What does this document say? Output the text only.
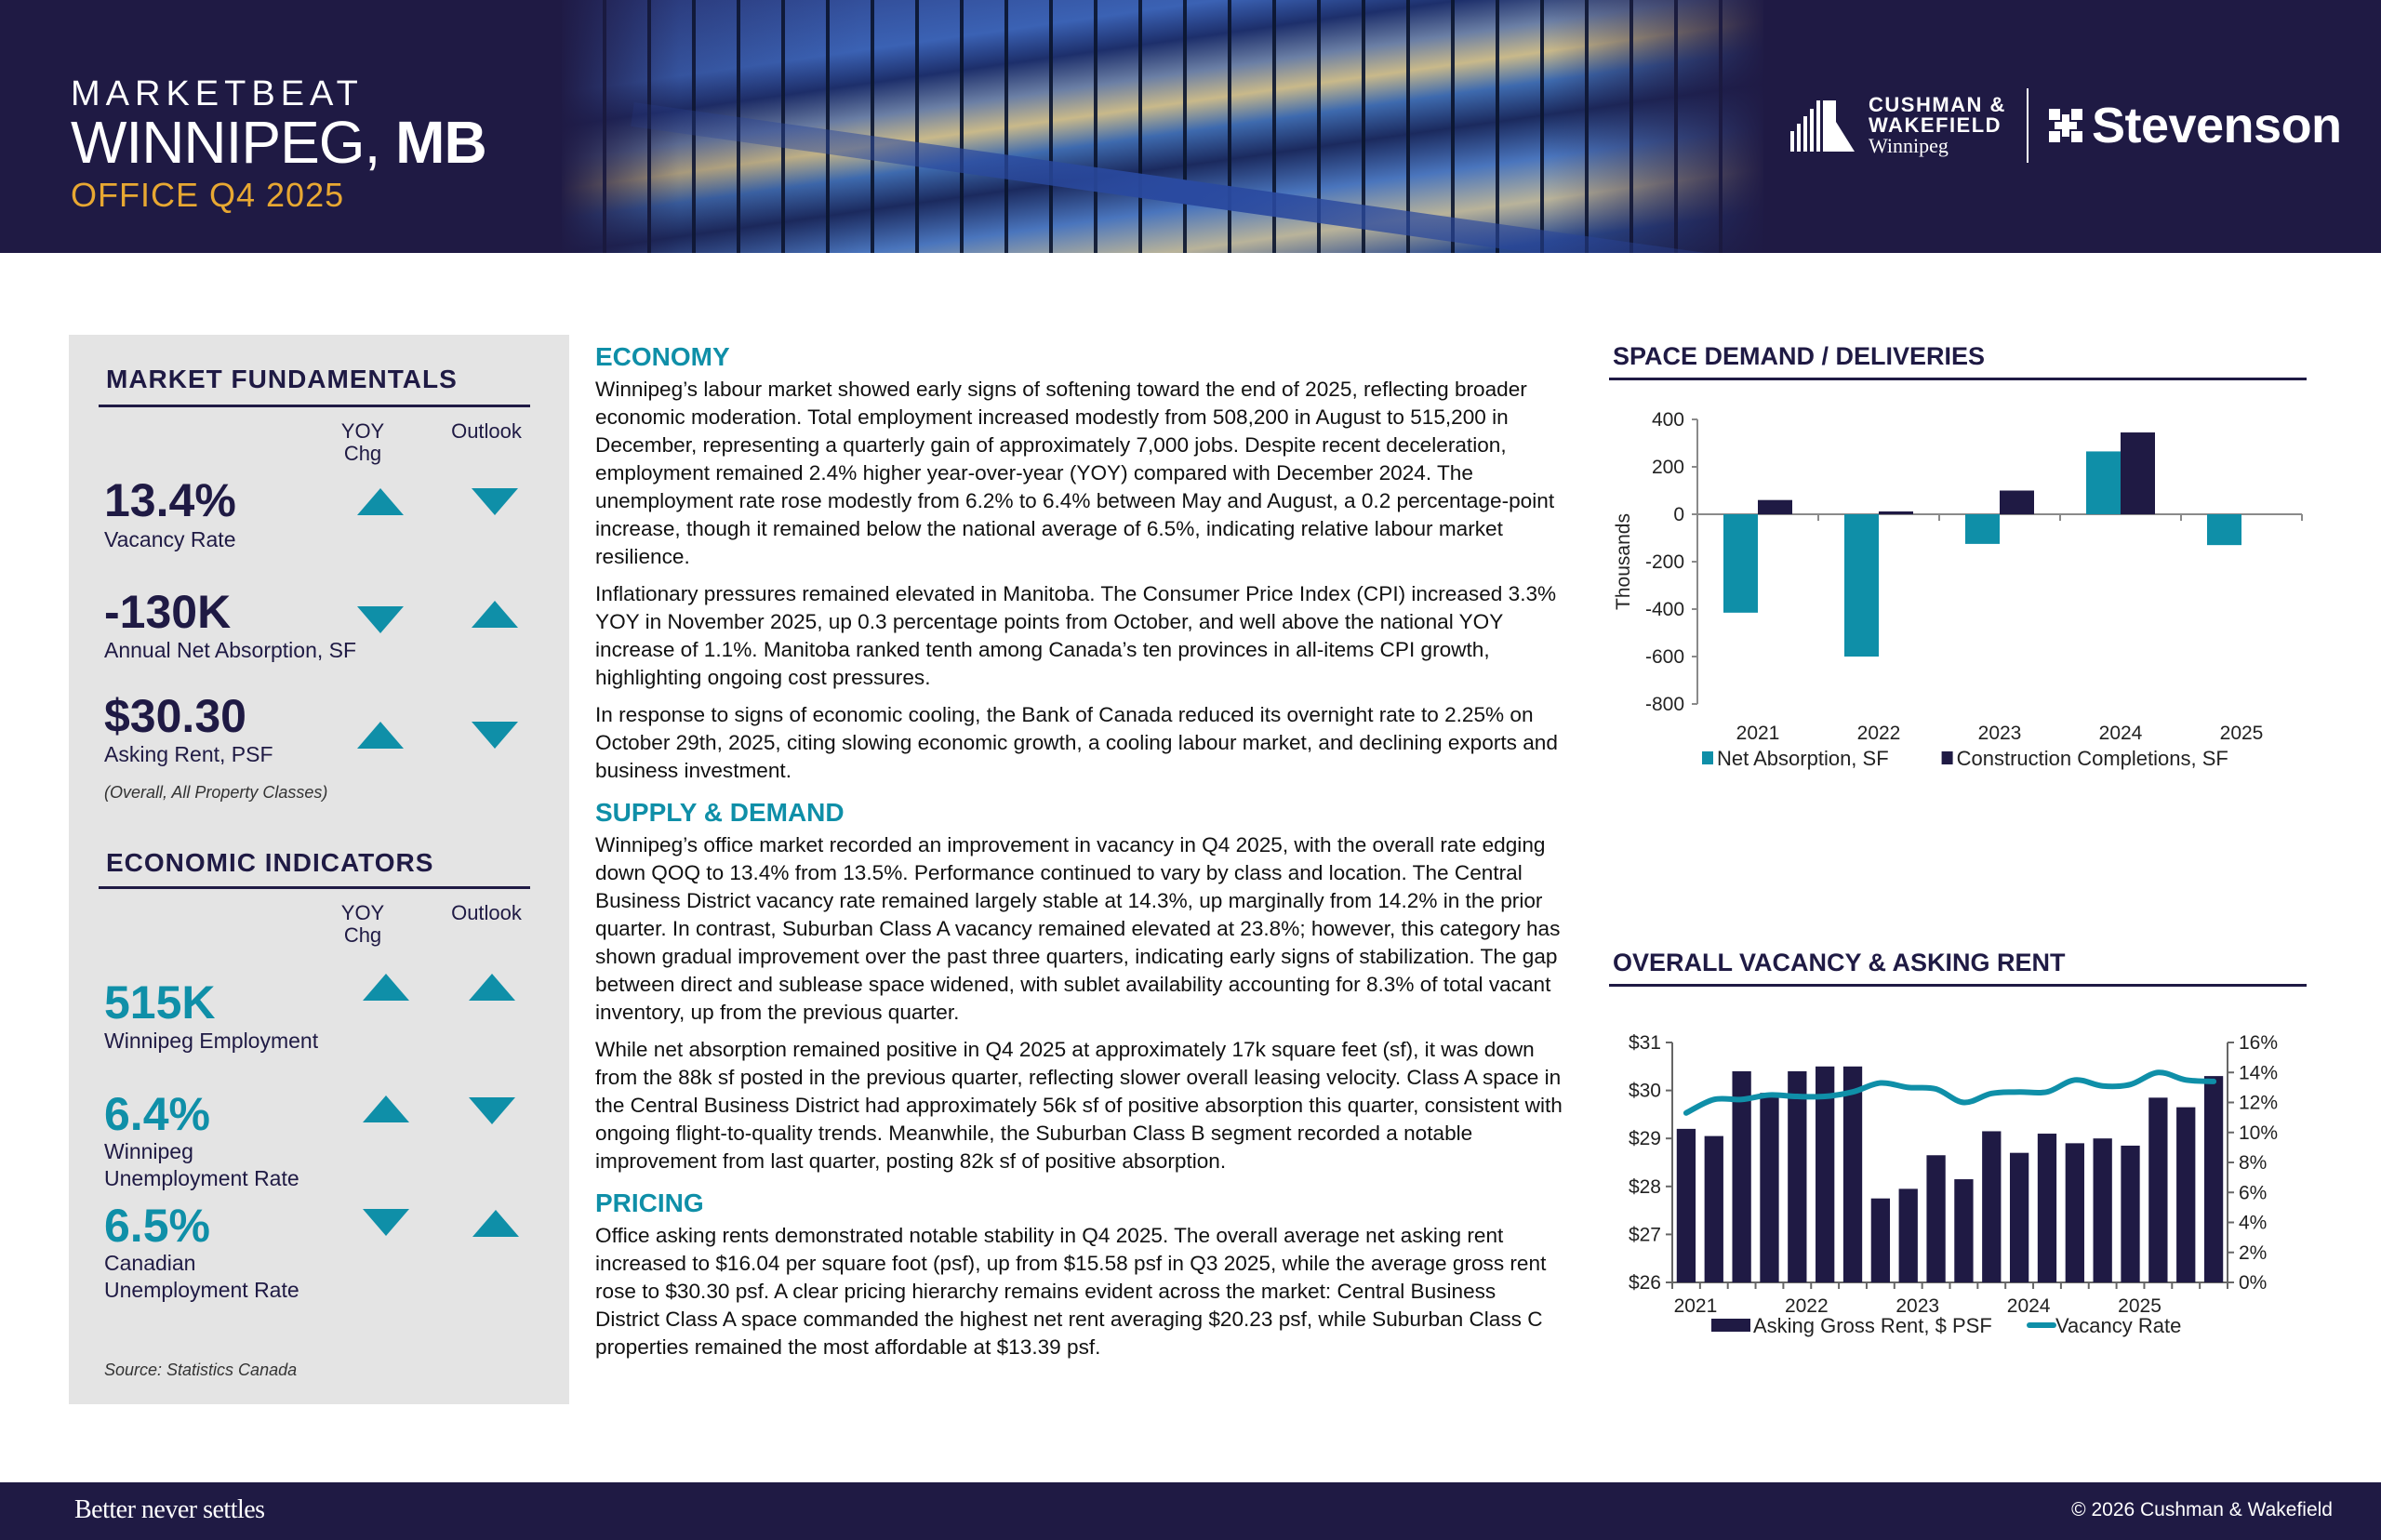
MARKETBEAT
WINNIPEG, MB
OFFICE Q4 2025
CUSHMAN &
WAKEFIELD
Winnipeg	Stevenson
MARKET FUNDAMENTALS
YOY
Chg
Outlook
13.4%
Vacancy Rate
-130K
Annual Net Absorption, SF
$30.30
Asking Rent, PSF
(Overall, All Property Classes)
ECONOMIC INDICATORS
YOY
Chg
Outlook
515K
Winnipeg Employment
6.4%
Winnipeg
Unemployment Rate
6.5%
Canadian
Unemployment Rate
Source: Statistics Canada
ECONOMY

Winnipeg’s labour market showed early signs of softening toward the end of 2025, reflecting broader economic moderation. Total employment increased modestly from 508,200 in August to 515,200 in December, representing a quarterly gain of approximately 7,000 jobs. Despite recent deceleration, employment remained 2.4% higher year-over-year (YOY) compared with December 2024. The unemployment rate rose modestly from 6.2% to 6.4% between May and August, a 0.2 percentage-point increase, though it remained below the national average of 6.5%, indicating relative labour market resilience.

Inflationary pressures remained elevated in Manitoba. The Consumer Price Index (CPI) increased 3.3% YOY in November 2025, up 0.3 percentage points from October, and well above the national YOY increase of 1.1%. Manitoba ranked tenth among Canada’s ten provinces in all-items CPI growth, highlighting ongoing cost pressures.

In response to signs of economic cooling, the Bank of Canada reduced its overnight rate to 2.25% on October 29th, 2025, citing slowing economic growth, a cooling labour market, and declining exports and business investment.

SUPPLY & DEMAND

Winnipeg’s office market recorded an improvement in vacancy in Q4 2025, with the overall rate edging down QOQ to 13.4% from 13.5%. Performance continued to vary by class and location. The Central Business District vacancy rate remained largely stable at 14.3%, up marginally from 14.2% in the prior quarter. In contrast, Suburban Class A vacancy remained elevated at 23.8%; however, this category has shown gradual improvement over the past three quarters, indicating early signs of stabilization. The gap between direct and sublease space widened, with sublet availability accounting for 8.3% of total vacant inventory, up from the previous quarter.

While net absorption remained positive in Q4 2025 at approximately 17k square feet (sf), it was down from the 88k sf posted in the previous quarter, reflecting slower overall leasing velocity. Class A space in the Central Business District had approximately 56k sf of positive absorption this quarter, consistent with ongoing flight-to-quality trends. Meanwhile, the Suburban Class B segment recorded a notable improvement from last quarter, posting 82k sf of positive absorption.

PRICING

Office asking rents demonstrated notable stability in Q4 2025. The overall average net asking rent increased to $16.04 per square foot (psf), up from $15.58 psf in Q3 2025, while the average gross rent rose to $30.30 psf. A clear pricing hierarchy remains evident across the market: Central Business District Class A space commanded the highest net rent averaging $20.23 psf, while Suburban Class C properties remained the most affordable at $13.39 psf.

SPACE DEMAND / DELIVERIES
400
200
0
-200
-400
-600
-800
Thousands
2021	2022	2023	2024	2025
Net Absorption, SF	Construction Completions, SF
OVERALL VACANCY & ASKING RENT
$31
$30
$29
$28
$27
$26
16%
14%
12%
10%
8%
6%
4%
2%
0%
2021	2022	2023	2024	2025
Asking Gross Rent, $ PSF	Vacancy Rate
Better never settles	© 2026 Cushman & Wakefield
